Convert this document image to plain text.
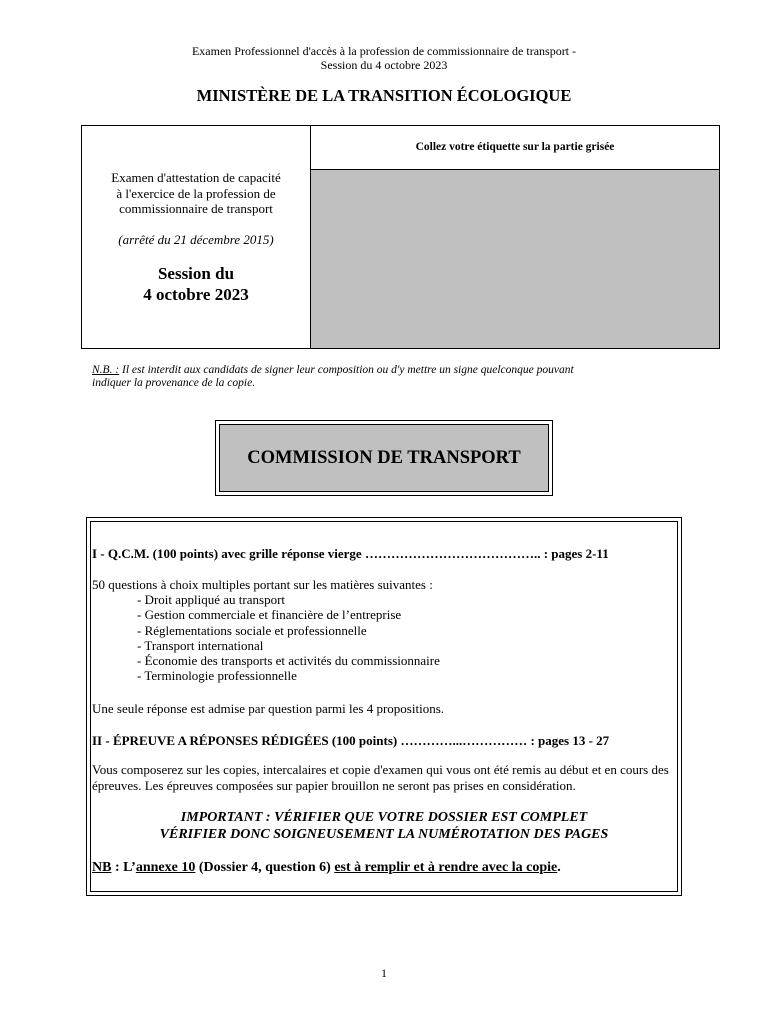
Examen Professionnel d'accès à la profession de commissionnaire de transport -
Session du 4 octobre 2023
MINISTÈRE DE LA TRANSITION ÉCOLOGIQUE
Examen d'attestation de capacité
à l'exercice de la profession de
commissionnaire de transport
(arrêté du 21 décembre 2015)
Session du
4 octobre 2023
Collez votre étiquette sur la partie grisée
N.B. : Il est interdit aux candidats de signer leur composition ou d'y mettre un signe quelconque pouvant
indiquer la provenance de la copie.
COMMISSION DE TRANSPORT
I - Q.C.M. (100 points) avec grille réponse vierge ………………………………….. : pages 2-11
50 questions à choix multiples portant sur les matières suivantes :
- Droit appliqué au transport
- Gestion commerciale et financière de l’entreprise
- Réglementations sociale et professionnelle
- Transport international
- Économie des transports et activités du commissionnaire
- Terminologie professionnelle
Une seule réponse est admise par question parmi les 4 propositions.
II - ÉPREUVE A RÉPONSES RÉDIGÉES (100 points) …………...…………… : pages 13 - 27
Vous composerez sur les copies, intercalaires et copie d'examen qui vous ont été remis au début et en cours des épreuves. Les épreuves composées sur papier brouillon ne seront pas prises en considération.
IMPORTANT : VÉRIFIER QUE VOTRE DOSSIER EST COMPLET
VÉRIFIER DONC SOIGNEUSEMENT LA NUMÉROTATION DES PAGES
NB : L’annexe 10 (Dossier 4, question 6) est à remplir et à rendre avec la copie.
1
